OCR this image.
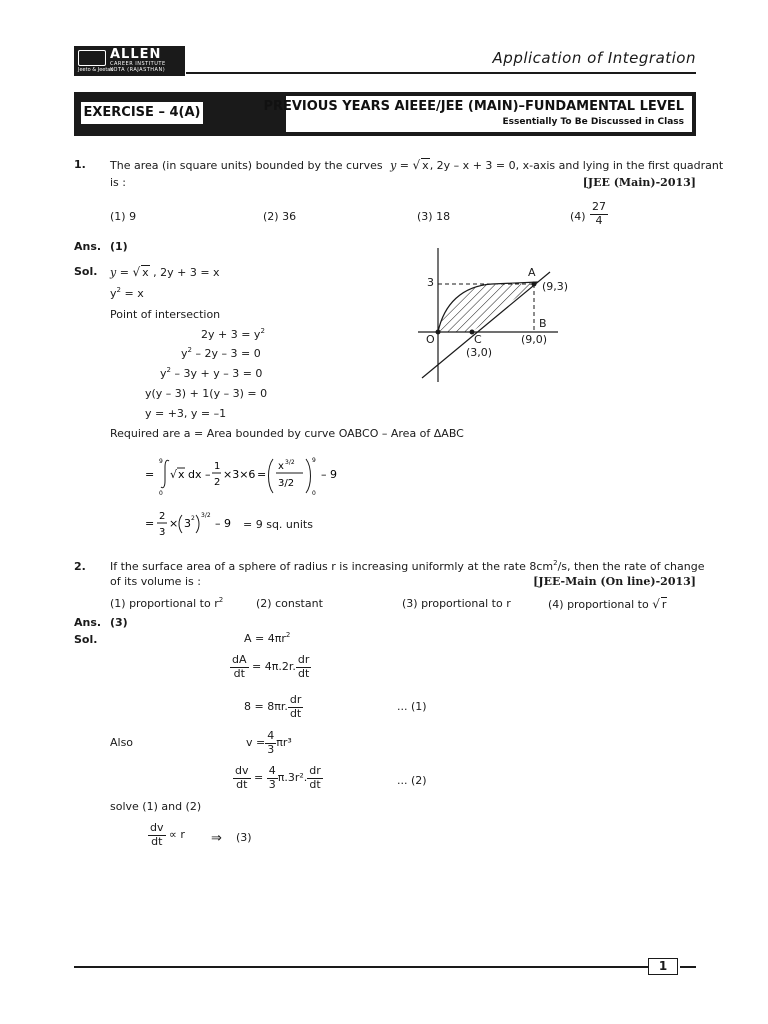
ALLEN
CAREER INSTITUTE
KOTA (RAJASTHAN)
Jeeto & Jeetao
Application of Integration
EXERCISE – 4(A)	PREVIOUS YEARS AIEEE/JEE (MAIN)–FUNDAMENTAL LEVEL
Essentially To Be Discussed in Class
1. The area (in square units) bounded by the curves y = √ x, 2y – x + 3 = 0, x-axis and lying in the first quadrant
is :	[JEE (Main)-2013]
(1) 9	(2) 36	(3) 18	$(4) \frac{27}{4}$
Ans. (1)
Sol. y = √ x , 2y + 3 = x
$y^2 = x$
Point of intersection
$2y + 3 = y^2$
$y^2 - 2y - 3 = 0$
$y^2 - 3y + y - 3 = 0$
y(y – 3) + 1(y – 3) = 0
y = +3, y = –1
Required are a = Area bounded by curve OABCO – Area of ΔABC
=
9
0
√ x dx –
1
2
×3×6 =
x 3/2
3/2
9
0
– 9
=
2
3
× 3 2 3/2
– 9 = 9 sq. units
3
A
(9,3)
B
O	C	(9,0)
(3,0)
2. If the surface area of a sphere of radius r is increasing uniformly at the rate $8cm^2/s$, then the rate of change
of its volume is :	[JEE-Main (On line)-2013]
(1) proportional to $r^2$	(2) constant	(3) proportional to r	(4) proportional to √ r
Ans. (3)
Sol.	$A = 4\pi r^2$
$\frac{dA}{dt} = 4\pi.2r$. $\frac{dr}{dt}$
8 = 8πr. $\frac{dr}{dt}$	... (1)
Also	$v = \frac{4}{3} \pi r^3$
$\frac{dv}{dt} = \frac{4}{3} \pi.3r^2$. $\frac{dr}{dt}$	... (2)
solve (1) and (2)
$\frac{dv}{dt} \propto r$ ⇒ (3)
1
